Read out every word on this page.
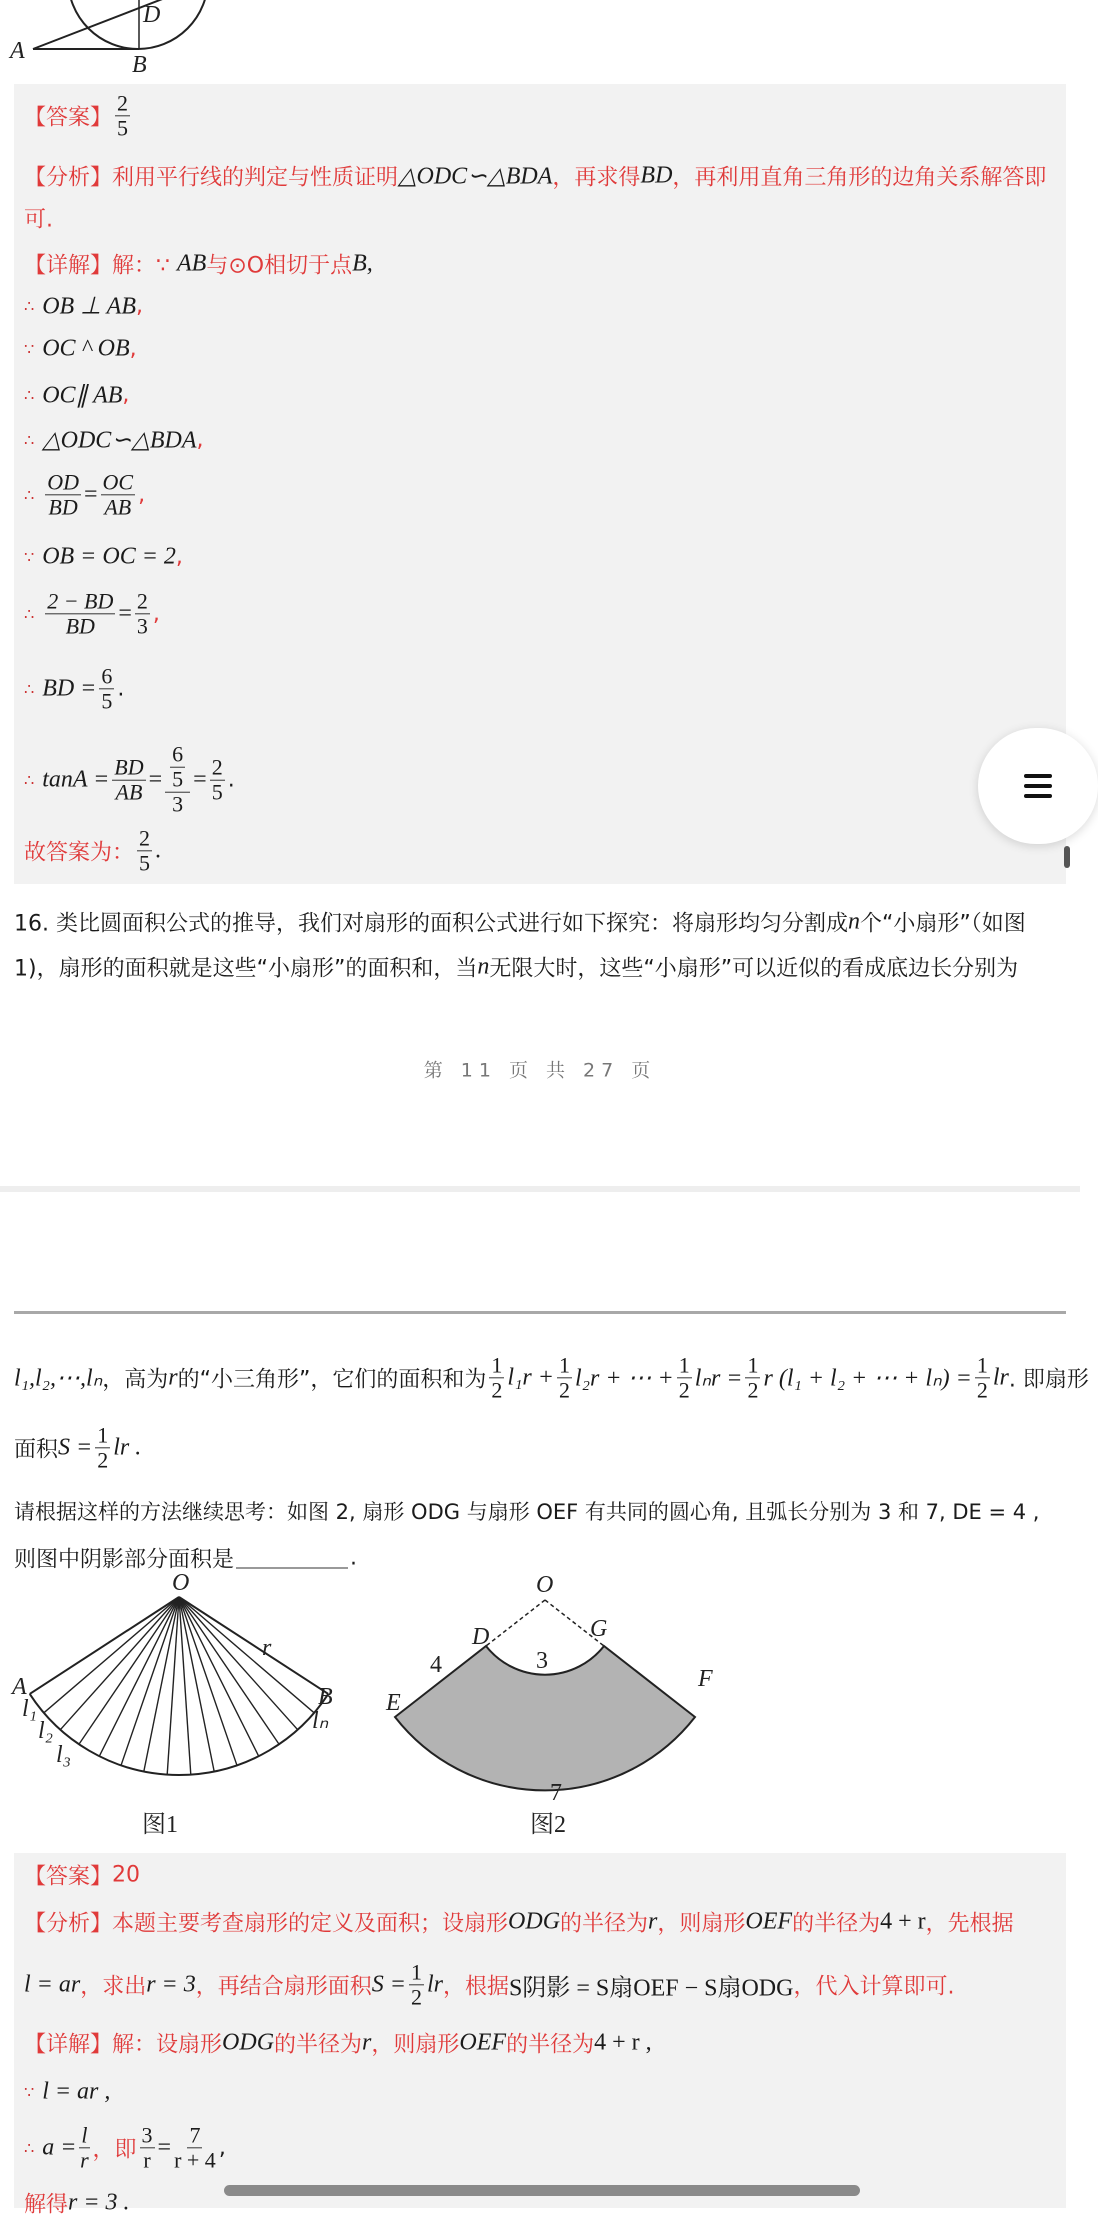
A
B
D
【答案】 $\frac{2}{5}$
【分析】 利用平行线的判定与性质证明 △ODC∽△BDA ，再求得 BD ，再利用直角三角形的边角关系解答即
可.
【详解】 解：∵
AB 与⊙O相切于点 B,
∴ OB ⊥ AB ,
∵ OC ^ OB ,
∴ OC∥ AB ,
∴ △ODC∽△BDA ,
∴ $\frac{OD}{BD} = \frac{OC}{AB}$ ,
∵ OB = OC = 2 ,
∴ $\frac{2 - BD}{BD} = \frac{2}{3}$ ,
∴ BD = $\frac{6}{5}$ .
∴ $\tan A = \frac{BD}{AB} = \frac{\frac{6}{5}}{3} = \frac{2}{5}$ .
故答案为： $\frac{2}{5}$ .
16. 类比圆面积公式的推导，我们对扇形的面积公式进行如下探究：将扇形均匀分割成 n 个“小扇形”（如图
1)，扇形的面积就是这些“小扇形”的面积和，当 n 无限大时，这些“小扇形”可以近似的看成底边长分别为
第 11 页 共 27 页
l₁,l₂,⋯,lₙ ，高为 r 的“小三角形”，它们的面积和为 $\frac{1}{2} l_1r + \frac{1}{2} l_2r$ + ⋯ + $\frac{1}{2}$ $l_nr = \frac{1}{2}$ r (l₁ + l₂ + ⋯ + $l_n) = \frac{1}{2}$ lr . 即扇形
面积 $S = \frac{1}{2}$ lr .
请根据这样的方法继续思考：如图 2, 扇形 ODG 与扇形 OEF 有共同的圆心角, 且弧长分别为 3 和 7, DE = 4 ,
则图中阴影部分面积是	.
O
r
A
l₁
l₂
l₃
B
lₙ
图1
O
D	G
3
4
E
F
7
图2
【答案】 20
【分析】 本题主要考查扇形的定义及面积；设扇形 ODG 的半径为 r ，则扇形 OEF 的半径为 4 + r ，先根据
l = ar ，求出 r = 3 ，再结合扇形面积 $S = \frac{1}{2}$ lr ，根据 S阴影 = S扇OEF − S扇ODG ，代入计算即可.
【详解】 解：设扇形 ODG 的半径为 r ，则扇形 OEF 的半径为 4 + r ,
∵ l = ar ,
∴ $a = \frac{l}{r}$ ，即 $\frac{3}{r} = \frac{7}{r + 4}$ ,
解得 r = 3 .
